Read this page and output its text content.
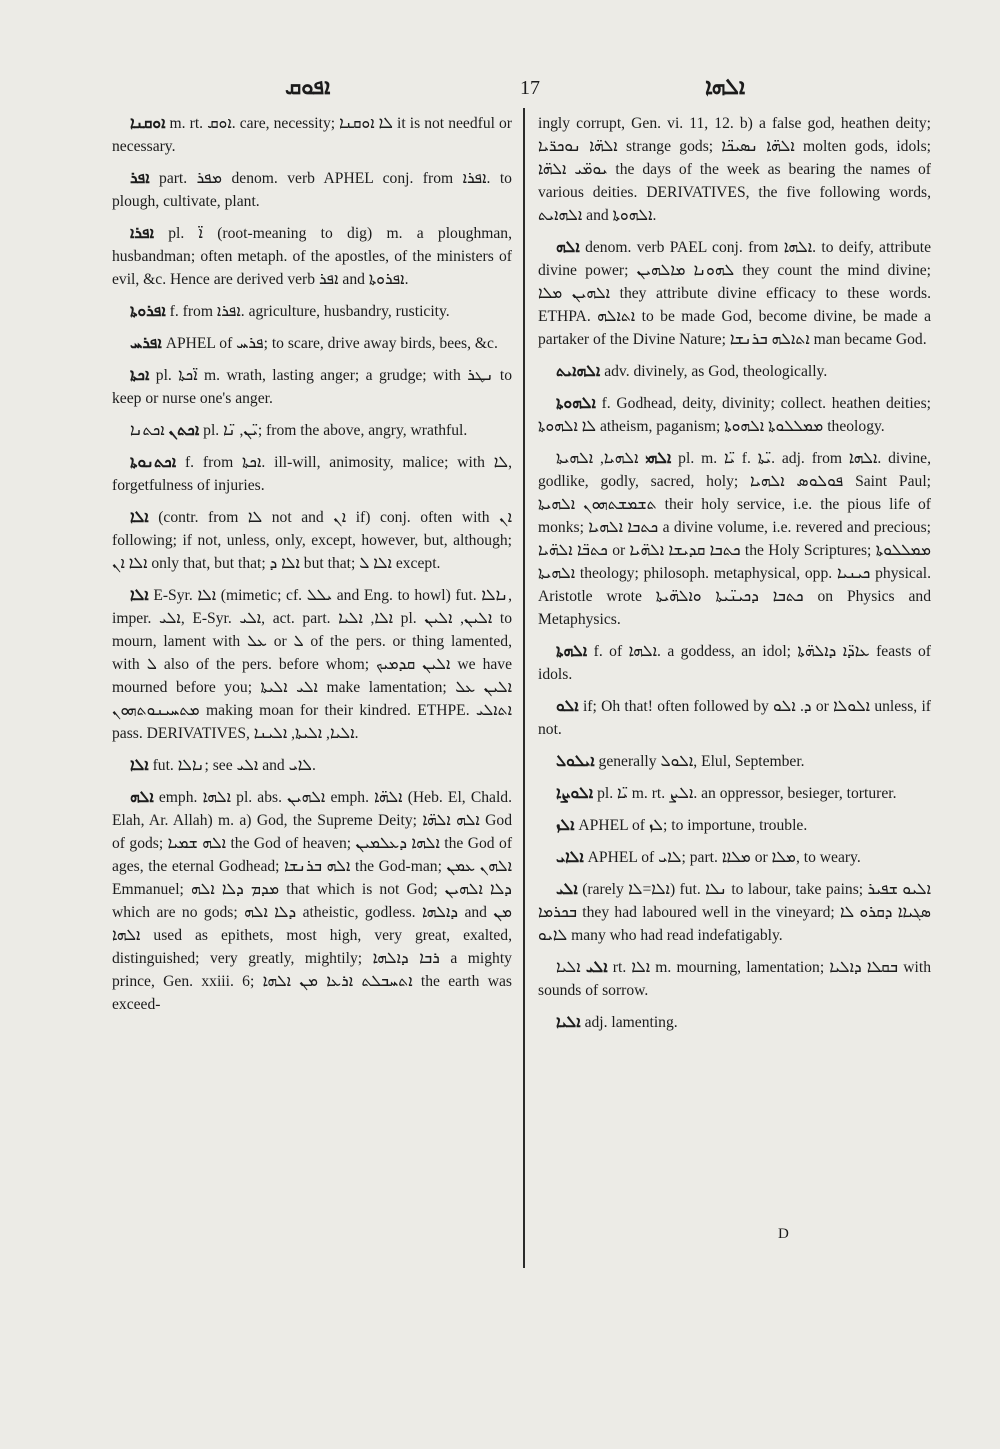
ܐܦܘܩ	17	ܐܠܗܐ

ܐܘܩܢܐ m. rt. ܐܘܩ. care, necessity; ܠܐ ܐܘܩܢܐ it is not needful or necessary.

ܐܦܪ part. ܡܦܪ denom. verb APHEL conj. from ܐܦܪܐ. to plough, cultivate, plant.

ܐܦܪܐ pl. ܐ̈ (root-meaning to dig) m. a ploughman, husbandman; often metaph. of the apostles, of the ministers of evil, &c. Hence are derived verb ܐܦܪ and ܐܦܪܘܬܐ.

ܐܦܪܘܬܐ f. from ܐܦܪܐ. agriculture, husbandry, rusticity.

ܐܦܪܚ APHEL of ܦܪܚ; to scare, drive away birds, bees, &c.

ܐܟܬܐ pl. ܐ̈ܟܬܐ m. wrath, lasting anger; a grudge; with ܢܛܪ to keep or nurse one's anger.

ܐܟܬܢ ܐܟܬܢܐ pl. ܝ̈ܢ, ܢ̈ܐ; from the above, angry, wrathful.

ܐܟܬܢܘܬܐ f. from ܐܟܬܐ. ill-will, animosity, malice; with ܠܐ, forgetfulness of injuries.

ܐܠܐ (contr. from ܠܐ not and ܐܢ if) conj. often with ܐܢ following; if not, unless, only, except, however, but, although; ܐܠܐ ܐܢ only that, but that; ܐܠܐ ܕ but that; ܐܠܐ ܠ except.

ܐܠܐ E-Syr. ܐܠܐ (mimetic; cf. ܝܠܠ and Eng. to howl) fut. ܢܐܠܐ, imper. ܐܠܝ, E-Syr. ܐܠܝ, act. part. ܐܠܐ, ܐܠܝܐ pl. ܐܠܝܢ, ܐܠܝܢ to mourn, lament with ܥܠ or ܠ of the pers. or thing lamented, with ܠ also of the pers. before whom; ܐܠܝܢ ܩܕܡܝܟ we have mourned before you; ܐܠܝ ܐܠܝܬܐ make lamentation; ܐܠܝܢ ܥܠ ܡܬܚܝܢܘܬܗܘܢ making moan for their kindred. ETHPE. ܐܬܐܠܝ pass. DERIVATIVES, ܐܠܝܐ, ܐܠܝܬܐ, ܐܠܝܢܐ.

ܐܠܐ fut. ܢܐܠܐ; see ܐܠܝ and ܠܐܝ.

ܐܠܗ emph. ܐܠܗܐ pl. abs. ܐܠܗܝܢ emph. ܐܠܗ̈ܐ (Heb. El, Chald. Elah, Ar. Allah) m. a) God, the Supreme Deity; ܐܠܗ ܐܠܗ̈ܐ God of gods; ܐܠܗ ܫܡܝܐ the God of heaven; ܐܠܗܐ ܕܥܠܡܝܢ the God of ages, the eternal Godhead; ܐܠܗ ܒܪܢܫܐ the God-man; ܐܠܗܢ ܥܡܢ Emmanuel; ܡܕܡ ܕܠܐ ܐܠܗ that which is not God; ܕܠܐ ܐܠܗܝܢ which are no gods; ܕܠܐ ܐܠܗ atheistic, godless. ܕܐܠܗܐ and ܡܢ ܐܠܗܐ used as epithets, most high, very great, exalted, distinguished; very greatly, mightily; ܪܒܐ ܕܐܠܗܐ a mighty prince, Gen. xxiii. 6; ܐܬܚܒܠܬ ܐܪܥܐ ܡܢ ܐܠܗܐ the earth was exceed-

ingly corrupt, Gen. vi. 11, 12. b) a false god, heathen deity; ܐܠܗ̈ܐ ܢܘܟܪ̈ܝܐ strange gods; ܐܠܗ̈ܐ ܢܣܝܟ̈ܐ molten gods, idols; ܝܘܡ̈ܝ ܐܠܗ̈ܐ the days of the week as bearing the names of various deities. DERIVATIVES, the five following words, ܐܠܗܐܝܬ and ܐܠܗܘܬܐ.

ܐܠܗ denom. verb PAEL conj. from ܐܠܗܐ. to deify, attribute divine power; ܠܗܘܢܐ ܡܐܠܗܝܢ they count the mind divine; ܐܠܗܝܢ ܡܠܐ they attribute divine efficacy to these words. ETHPA. ܐܬܐܠܗ to be made God, become divine, be made a partaker of the Divine Nature; ܐܬܐܠܗ ܒܪܢܫܐ man became God.

ܐܠܗܐܝܬ adv. divinely, as God, theologically.

ܐܠܗܘܬܐ f. Godhead, deity, divinity; collect. heathen deities; ܠܐ ܐܠܗܘܬܐ atheism, paganism; ܡܡܠܠܘܬܐ ܐܠܗܘܬܐ theology.

ܐܠܗܝ ܐܠܗܝܐ, ܐܠܗܝܬܐ pl. m. ܝ̈ܐ f. ܝ̈ܬܐ. adj. from ܐܠܗܐ. divine, godlike, godly, sacred, holy; ܦܘܠܘܣ ܐܠܗܝܐ Saint Paul; ܬܫܡܫܬܗܘܢ ܐܠܗܝܬܐ their holy service, i.e. the pious life of monks; ܟܬܒܐ ܐܠܗܝܐ a divine volume, i.e. revered and precious; ܟܬܒ̈ܐ ܐܠܗ̈ܝܐ or ܟܬܒܐ ܩܕܝܫܐ ܐܠܗ̈ܝܐ the Holy Scriptures; ܡܡܠܠܘܬܐ ܐܠܗܝܬܐ theology; philosoph. metaphysical, opp. ܟܝܢܝܐ physical. Aristotle wrote ܟܬܒܐ ܕܟܝܢ̈ܝܬܐ ܘܐܠܗ̈ܝܬܐ on Physics and Metaphysics.

ܐܠܗܬܐ f. of ܐܠܗܐ. a goddess, an idol; ܥܐܕ̈ܐ ܕܐܠܗ̈ܬܐ feasts of idols.

ܐܠܘ if; Oh that! often followed by ܕ. ܐܠܘ or ܐܠܘܠܐ unless, if not.

ܐܝܠܘܠ generally ܐܠܘܠ, Elul, September.

ܐܠܘܨܐ pl. ܝ̈ܐ m. rt. ܐܠܨ. an oppressor, besieger, torturer.

ܐܠܙ APHEL of ܠܙ; to importune, trouble.

ܐܠܐܝ APHEL of ܠܐܝ; part. ܡܠܐܐ or ܡܠܐ, to weary.

ܐܠܝ (rarely ܐܠܐ=ܠܐ) fut. ܢܠܐ to labour, take pains; ܐܠܝܘ ܫܦܝܪ ܒܟܪܡܐ they had laboured well in the vineyard; ܣܓܝܐܐ ܕܩܪܘ ܠܐ ܠܐܝܘ many who had read indefatigably.

ܐܠܝ ܐܠܝܐ rt. ܐܠܐ m. mourning, lamentation; ܒܩܠܐ ܕܐܠܝܐ with sounds of sorrow.

ܐܠܝܐ adj. lamenting.

D
